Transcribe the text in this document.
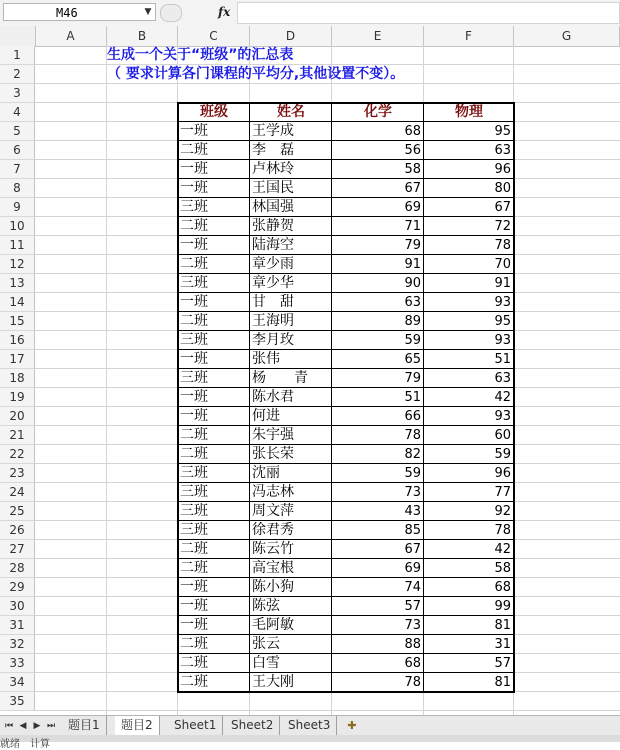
M46	▼	fx
A	B	C	D	E	F	G
1
2
3
4
5
6
7
8
9
10
11
12
13
14
15
16
17
18
19
20
21
22
23
24
25
26
27
28
29
30
31
32
33
34
35
生成一个关于“班级”的汇总表
（ 要求计算各门课程的平均分,其他设置不变）。
班级	姓名	化学	物理
一班	王学成	68	95
二班	李　磊	56	63
一班	卢林玲	58	96
一班	王国民	67	80
三班	林国强	69	67
二班	张静贺	71	72
一班	陆海空	79	78
二班	章少雨	91	70
三班	章少华	90	91
一班	甘　甜	63	93
二班	王海明	89	95
三班	李月玫	59	93
一班	张伟	65	51
三班	杨　　青	79	63
一班	陈水君	51	42
一班	何进	66	93
二班	朱宇强	78	60
二班	张长荣	82	59
三班	沈丽	59	96
三班	冯志林	73	77
三班	周文萍	43	92
三班	徐君秀	85	78
二班	陈云竹	67	42
二班	高宝根	69	58
一班	陈小狗	74	68
一班	陈弦	57	99
一班	毛阿敏	73	81
二班	张云	88	31
二班	白雪	68	57
二班	王大刚	78	81
⏮ ◀ ▶ ⏭	题目1	题目2	Sheet1	Sheet2	Sheet3	✚
就绪　计算
